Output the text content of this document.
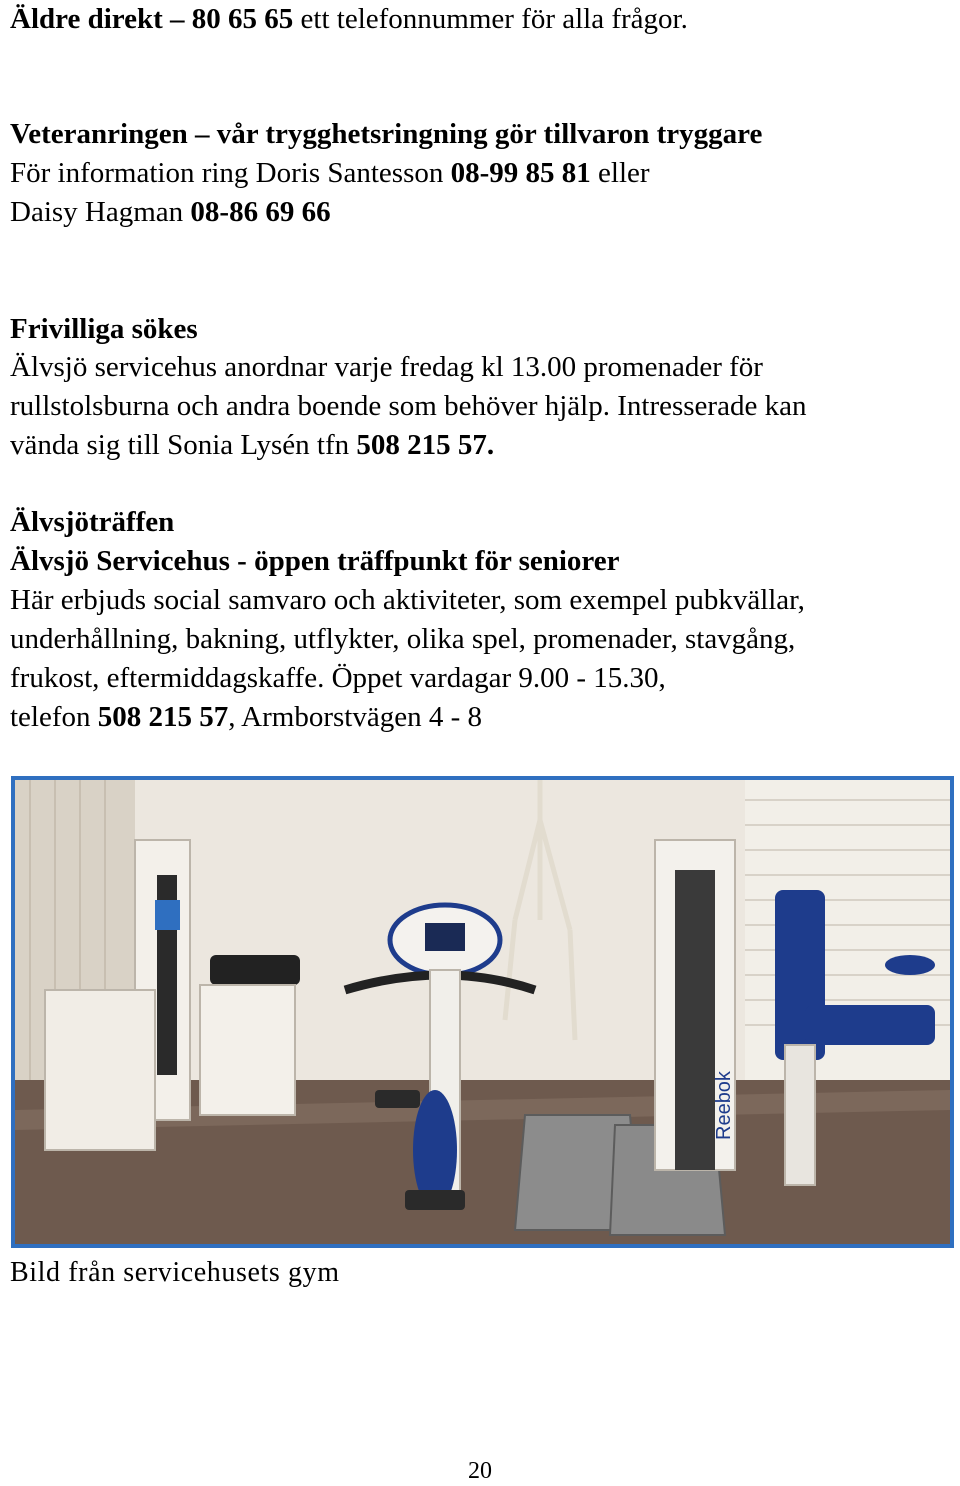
Äldre direkt – 80 65 65 ett telefonnummer för alla frågor.
Veteranringen – vår trygghetsringning gör tillvaron tryggare
För information ring Doris Santesson 08-99 85 81 eller
Daisy Hagman 08-86 69 66
Frivilliga sökes
Älvsjö servicehus anordnar varje fredag kl 13.00 promenader för
rullstolsburna och andra boende som behöver hjälp. Intresserade kan
vända sig till Sonia Lysén tfn 508 215 57.
Älvsjöträffen
Älvsjö Servicehus - öppen träffpunkt för seniorer
Här erbjuds social samvaro och aktiviteter, som exempel pubkvällar,
underhållning, bakning, utflykter, olika spel, promenader, stavgång,
frukost, eftermiddagskaffe. Öppet vardagar 9.00 - 15.30,
telefon 508 215 57, Armborstvägen 4 - 8
Reebok
Bild från servicehusets gym
20
